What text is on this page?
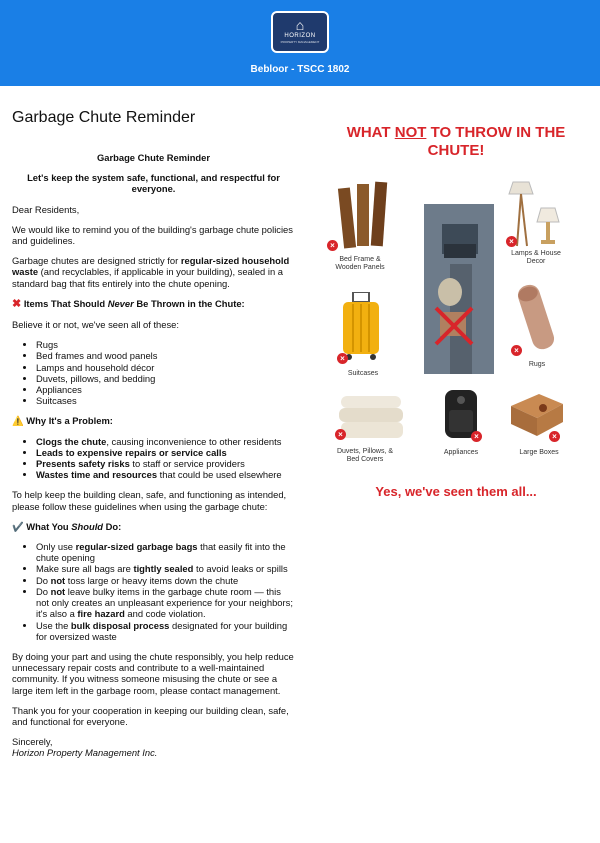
⌂
HORIZON
PROPERTY MANAGEMENT
Bebloor - TSCC 1802
Garbage Chute Reminder

Garbage Chute Reminder

Let's keep the system safe, functional, and respectful for everyone.

Dear Residents,

We would like to remind you of the building's garbage chute policies and guidelines.

Garbage chutes are designed strictly for regular-sized household waste (and recyclables, if applicable in your building), sealed in a standard bag that fits entirely into the chute opening.

✖ Items That Should Never Be Thrown in the Chute:

Believe it or not, we've seen all of these:

• Rugs
• Bed frames and wood panels
• Lamps and household décor
• Duvets, pillows, and bedding
• Appliances
• Suitcases

⚠️ Why It's a Problem:

• Clogs the chute, causing inconvenience to other residents
• Leads to expensive repairs or service calls
• Presents safety risks to staff or service providers
• Wastes time and resources that could be used elsewhere

To help keep the building clean, safe, and functioning as intended, please follow these guidelines when using the garbage chute:

✔️ What You Should Do:

• Only use regular-sized garbage bags that easily fit into the chute opening
• Make sure all bags are tightly sealed to avoid leaks or spills
• Do not toss large or heavy items down the chute
• Do not leave bulky items in the garbage chute room — this not only creates an unpleasant experience for your neighbors; it's also a fire hazard and code violation.
• Use the bulk disposal process designated for your building for oversized waste

By doing your part and using the chute responsibly, you help reduce unnecessary repair costs and contribute to a well-maintained community. If you witness someone misusing the chute or see a large item left in the garbage room, please contact management.

Thank you for your cooperation in keeping our building clean, safe, and functional for everyone.

Sincerely,

Horizon Property Management Inc.

WHAT NOT TO THROW IN THE CHUTE!
×
Bed Frame &
Wooden Panels
×
Lamps & House
Decor
×
Suitcases
×
Rugs
×
Duvets, Pillows, &
Bed Covers
×
Appliances
×
Large Boxes
Yes, we've seen them all...
